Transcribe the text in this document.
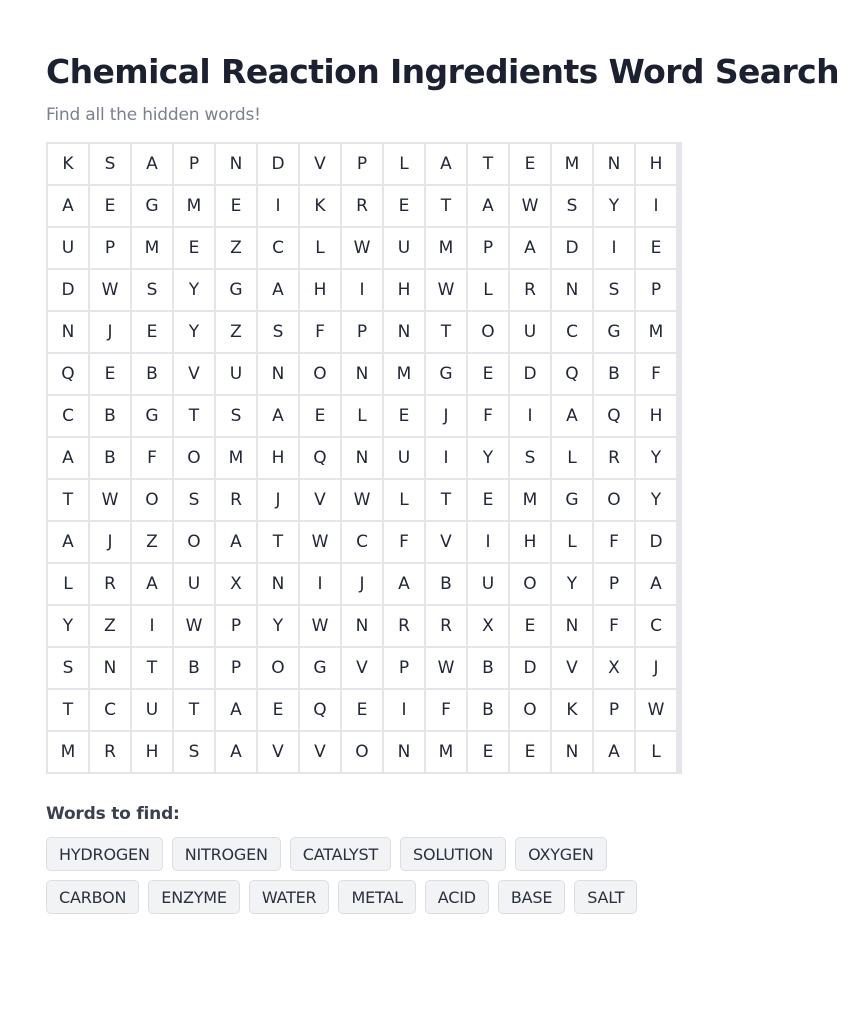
Chemical Reaction Ingredients Word Search

Find all the hidden words!

K	S	A	P	N	D	V	P	L	A	T	E	M	N	H
A	E	G	M	E	I	K	R	E	T	A	W	S	Y	I
U	P	M	E	Z	C	L	W	U	M	P	A	D	I	E
D	W	S	Y	G	A	H	I	H	W	L	R	N	S	P
N	J	E	Y	Z	S	F	P	N	T	O	U	C	G	M
Q	E	B	V	U	N	O	N	M	G	E	D	Q	B	F
C	B	G	T	S	A	E	L	E	J	F	I	A	Q	H
A	B	F	O	M	H	Q	N	U	I	Y	S	L	R	Y
T	W	O	S	R	J	V	W	L	T	E	M	G	O	Y
A	J	Z	O	A	T	W	C	F	V	I	H	L	F	D
L	R	A	U	X	N	I	J	A	B	U	O	Y	P	A
Y	Z	I	W	P	Y	W	N	R	R	X	E	N	F	C
S	N	T	B	P	O	G	V	P	W	B	D	V	X	J
T	C	U	T	A	E	Q	E	I	F	B	O	K	P	W
M	R	H	S	A	V	V	O	N	M	E	E	N	A	L
Words to find:
HYDROGEN	NITROGEN	CATALYST	SOLUTION	OXYGEN
CARBON	ENZYME	WATER	METAL	ACID	BASE	SALT
